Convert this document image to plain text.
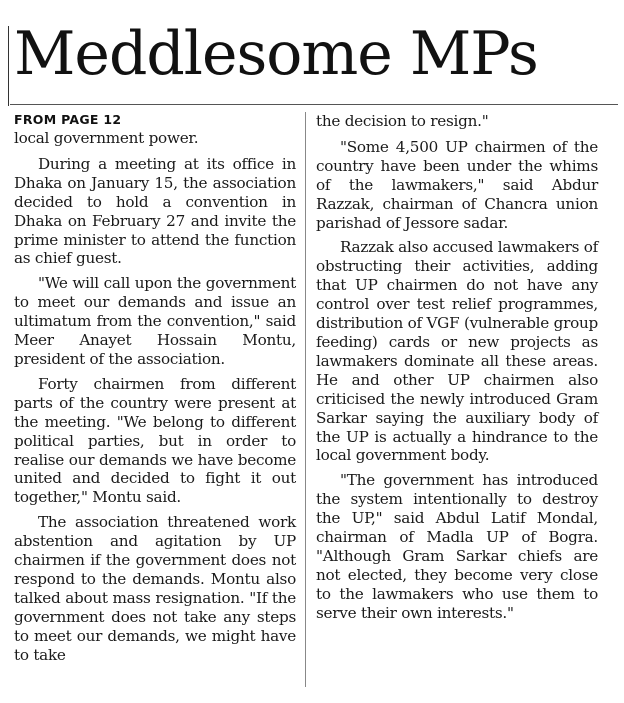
Meddlesome MPs

FROM PAGE 12

local government power.

During a meeting at its office in Dhaka on January 15, the association decided to hold a convention in Dhaka on February 27 and invite the prime minister to attend the function as chief guest.

"We will call upon the government to meet our demands and issue an ultimatum from the convention," said Meer Anayet Hossain Montu, president of the association.

Forty chairmen from different parts of the country were present at the meeting. "We belong to different political parties, but in order to realise our demands we have become united and decided to fight it out together," Montu said.

The association threatened work abstention and agitation by UP chairmen if the government does not respond to the demands. Montu also talked about mass resignation. "If the government does not take any steps to meet our demands, we might have to take

the decision to resign."

"Some 4,500 UP chairmen of the country have been under the whims of the lawmakers," said Abdur Razzak, chairman of Chancra union parishad of Jessore sadar.

Razzak also accused lawmakers of obstructing their activities, adding that UP chairmen do not have any control over test relief programmes, distribution of VGF (vulnerable group feeding) cards or new projects as lawmakers dominate all these areas. He and other UP chairmen also criticised the newly introduced Gram Sarkar saying the auxiliary body of the UP is actually a hindrance to the local government body.

"The government has introduced the system intentionally to destroy the UP," said Abdul Latif Mondal, chairman of Madla UP of Bogra. "Although Gram Sarkar chiefs are not elected, they become very close to the lawmakers who use them to serve their own interests."
